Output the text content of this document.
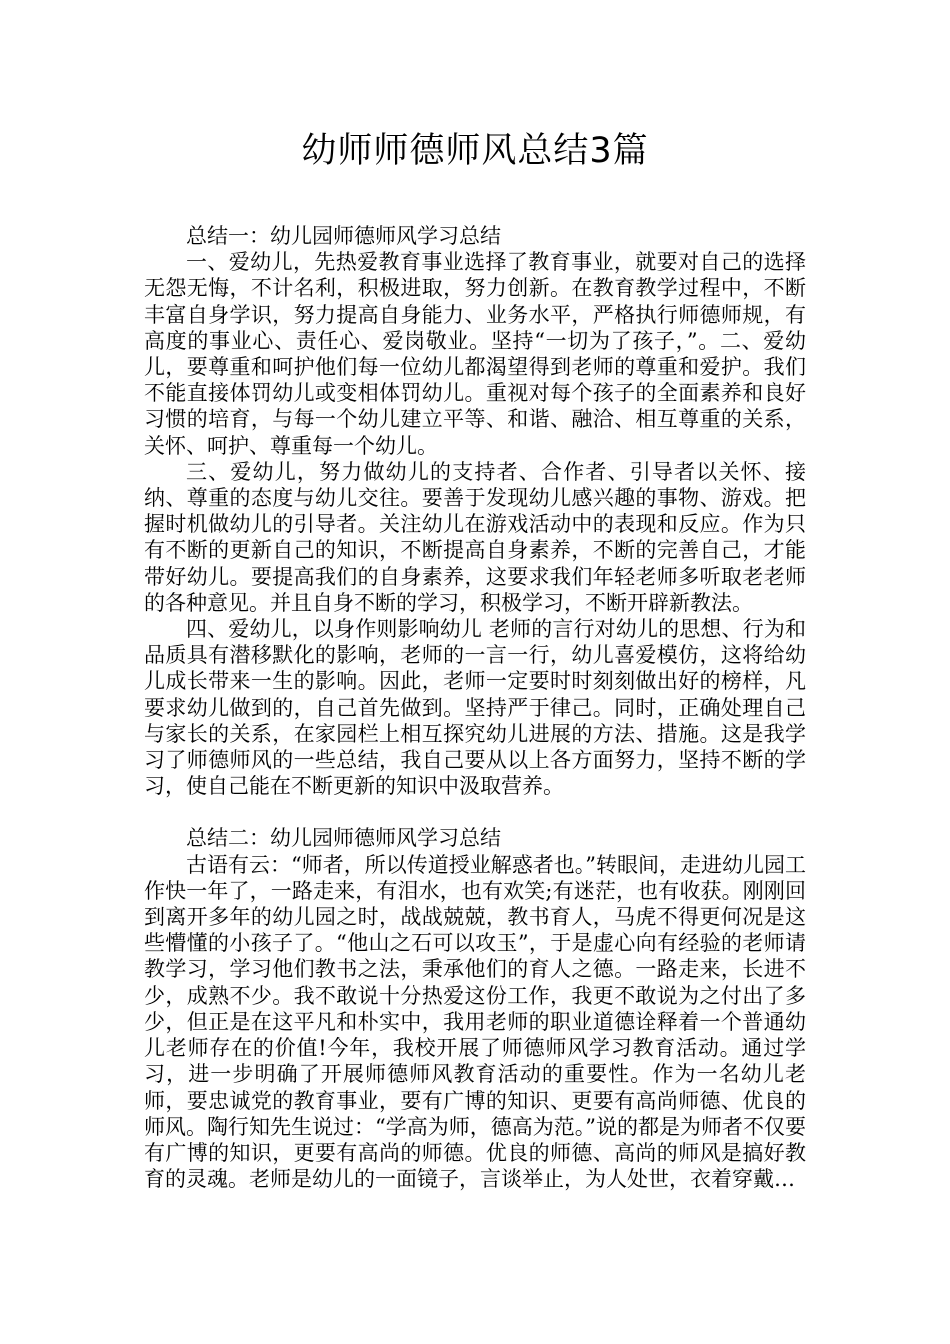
幼师师德师风总结3篇

总结一：幼儿园师德师风学习总结

一、爱幼儿，先热爱教育事业选择了教育事业，就要对自己的选择无怨无悔，不计名利，积极进取，努力创新。在教育教学过程中，不断丰富自身学识，努力提高自身能力、业务水平，严格执行师德师规，有高度的事业心、责任心、爱岗敬业。坚持“一切为了孩子，”。二、爱幼儿，要尊重和呵护他们每一位幼儿都渴望得到老师的尊重和爱护。我们不能直接体罚幼儿或变相体罚幼儿。重视对每个孩子的全面素养和良好习惯的培育，与每一个幼儿建立平等、和谐、融洽、相互尊重的关系，关怀、呵护、尊重每一个幼儿。

三、爱幼儿，努力做幼儿的支持者、合作者、引导者以关怀、接纳、尊重的态度与幼儿交往。要善于发现幼儿感兴趣的事物、游戏。把握时机做幼儿的引导者。关注幼儿在游戏活动中的表现和反应。作为只有不断的更新自己的知识，不断提高自身素养，不断的完善自己，才能带好幼儿。要提高我们的自身素养，这要求我们年轻老师多听取老老师的各种意见。并且自身不断的学习，积极学习，不断开辟新教法。

四、爱幼儿，以身作则影响幼儿 老师的言行对幼儿的思想、行为和品质具有潜移默化的影响，老师的一言一行，幼儿喜爱模仿，这将给幼儿成长带来一生的影响。因此，老师一定要时时刻刻做出好的榜样，凡要求幼儿做到的，自己首先做到。坚持严于律己。同时，正确处理自己与家长的关系，在家园栏上相互探究幼儿进展的方法、措施。这是我学习了师德师风的一些总结，我自己要从以上各方面努力，坚持不断的学习，使自己能在不断更新的知识中汲取营养。

总结二：幼儿园师德师风学习总结

古语有云：“师者，所以传道授业解惑者也。”转眼间，走进幼儿园工作快一年了，一路走来，有泪水，也有欢笑;有迷茫，也有收获。刚刚回到离开多年的幼儿园之时，战战兢兢，教书育人，马虎不得更何况是这些懵懂的小孩子了。“他山之石可以攻玉”，于是虚心向有经验的老师请教学习，学习他们教书之法，秉承他们的育人之德。一路走来，长进不少，成熟不少。我不敢说十分热爱这份工作，我更不敢说为之付出了多少，但正是在这平凡和朴实中，我用老师的职业道德诠释着一个普通幼儿老师存在的价值!今年，我校开展了师德师风学习教育活动。通过学习，进一步明确了开展师德师风教育活动的重要性。作为一名幼儿老师，要忠诚党的教育事业，要有广博的知识、更要有高尚师德、优良的师风。陶行知先生说过：“学高为师，德高为范。”说的都是为师者不仅要有广博的知识，更要有高尚的师德。优良的师德、高尚的师风是搞好教育的灵魂。老师是幼儿的一面镜子，言谈举止，为人处世，衣着穿戴…
